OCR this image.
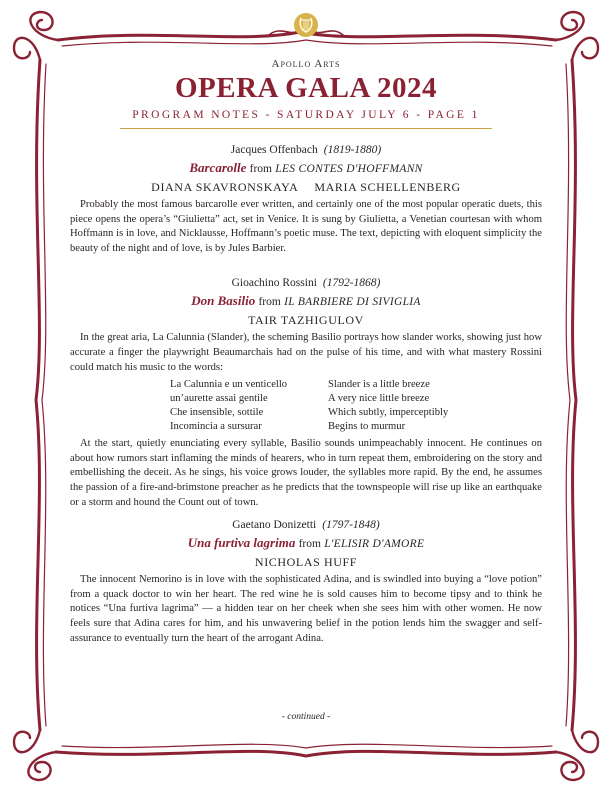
Apollo Arts

OPERA GALA 2024

PROGRAM NOTES - SATURDAY JULY 6 - PAGE 1

Jacques Offenbach (1819-1880)

Barcarolle from LES CONTES D'HOFFMANN

DIANA SKAVRONSKAYA MARIA SCHELLENBERG

Probably the most famous barcarolle ever written, and certainly one of the most popular operatic duets, this piece opens the opera’s “Giulietta” act, set in Venice. It is sung by Giulietta, a Venetian courtesan with whom Hoffmann is in love, and Nicklausse, Hoffmann’s poetic muse. The text, depicting with eloquent simplicity the beauty of the night and of love, is by Jules Barbier.

Gioachino Rossini (1792-1868)

Don Basilio from IL BARBIERE DI SIVIGLIA

TAIR TAZHIGULOV

In the great aria, La Calunnia (Slander), the scheming Basilio portrays how slander works, showing just how accurate a finger the playwright Beaumarchais had on the pulse of his time, and with what mastery Rossini could match his music to the words:

La Calunnia e un venticello
un’aurette assai gentile
Che insensible, sottile
Incomincia a sursurar
Slander is a little breeze
A very nice little breeze
Which subtly, imperceptibly
Begins to murmur

At the start, quietly enunciating every syllable, Basilio sounds unimpeachably innocent. He continues on about how rumors start inflaming the minds of hearers, who in turn repeat them, embroidering on the story and embellishing the deceit. As he sings, his voice grows louder, the syllables more rapid. By the end, he assumes the passion of a fire-and-brimstone preacher as he predicts that the townspeople will rise up like an earthquake or a storm and hound the Count out of town.

Gaetano Donizetti (1797-1848)

Una furtiva lagrima from L'ELISIR D'AMORE

NICHOLAS HUFF

The innocent Nemorino is in love with the sophisticated Adina, and is swindled into buying a “love potion” from a quack doctor to win her heart. The red wine he is sold causes him to become tipsy and to think he notices “Una furtiva lagrima” — a hidden tear on her cheek when she sees him with other women. He now feels sure that Adina cares for him, and his unwavering belief in the potion lends him the swagger and self-assurance to eventually turn the heart of the arrogant Adina.

- continued -
